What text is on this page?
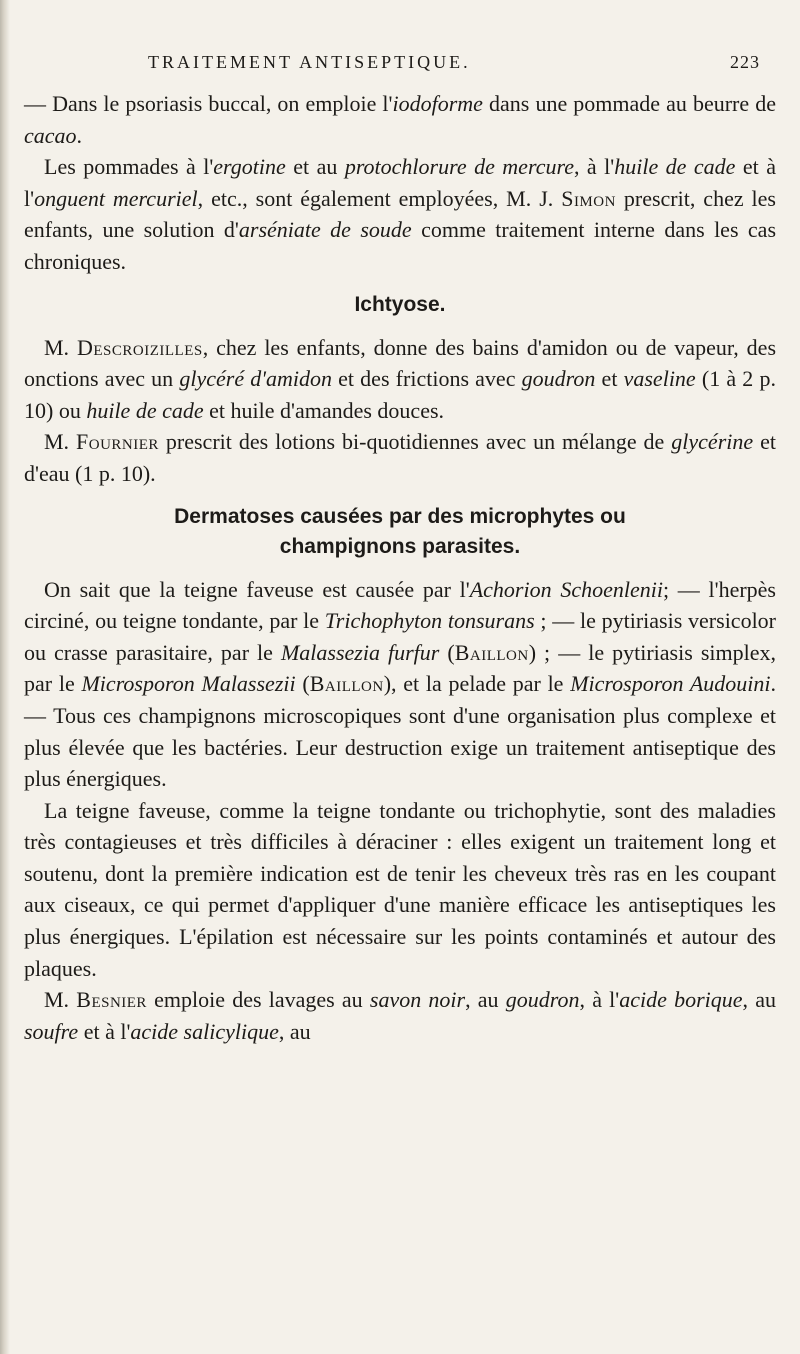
TRAITEMENT ANTISEPTIQUE.	223

— Dans le psoriasis buccal, on emploie l'iodoforme dans une pommade au beurre de cacao.

Les pommades à l'ergotine et au protochlorure de mercure, à l'huile de cade et à l'onguent mercuriel, etc., sont également employées, M. J. Simon prescrit, chez les enfants, une solution d'arséniate de soude comme traitement interne dans les cas chroniques.

Ichtyose.

M. Descroizilles, chez les enfants, donne des bains d'amidon ou de vapeur, des onctions avec un glycéré d'amidon et des frictions avec goudron et vaseline (1 à 2 p. 10) ou huile de cade et huile d'amandes douces.

M. Fournier prescrit des lotions bi-quotidiennes avec un mélange de glycérine et d'eau (1 p. 10).

Dermatoses causées par des microphytes ou champignons parasites.

On sait que la teigne faveuse est causée par l'Achorion Schoenlenii; — l'herpès circiné, ou teigne tondante, par le Trichophyton tonsurans ; — le pytiriasis versicolor ou crasse parasitaire, par le Malassezia furfur (Baillon) ; — le pytiriasis simplex, par le Microsporon Malassezii (Baillon), et la pelade par le Microsporon Audouini. — Tous ces champignons microscopiques sont d'une organisation plus complexe et plus élevée que les bactéries. Leur destruction exige un traitement antiseptique des plus énergiques.

La teigne faveuse, comme la teigne tondante ou trichophytie, sont des maladies très contagieuses et très difficiles à déraciner : elles exigent un traitement long et soutenu, dont la première indication est de tenir les cheveux très ras en les coupant aux ciseaux, ce qui permet d'appliquer d'une manière efficace les antiseptiques les plus énergiques. L'épilation est nécessaire sur les points contaminés et autour des plaques.

M. Besnier emploie des lavages au savon noir, au goudron, à l'acide borique, au soufre et à l'acide salicylique, au
